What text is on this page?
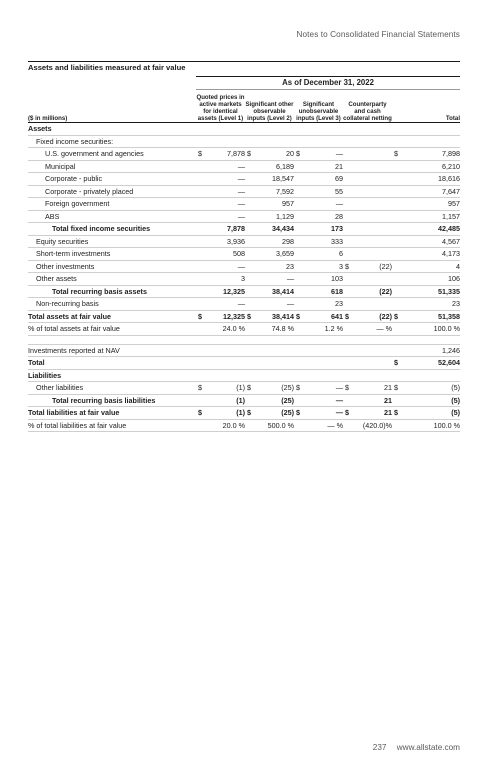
Notes to Consolidated Financial Statements
Assets and liabilities measured at fair value
	As of December 31, 2022									
($ in millions)	Quoted prices in active markets for identical assets (Level 1)		Significant other observable inputs (Level 2)		Significant unobservable inputs (Level 3)		Counterparty and cash collateral netting		Total	
Assets										
Fixed income securities:										
U.S. government and agencies	$	7,878	$	20	$	—			$	7,898
Municipal		—		6,189		21				6,210
Corporate - public		—		18,547		69				18,616
Corporate - privately placed		—		7,592		55				7,647
Foreign government		—		957		—				957
ABS		—		1,129		28				1,157
Total fixed income securities		7,878		34,434		173				42,485
Equity securities		3,936		298		333				4,567
Short-term investments		508		3,659		6				4,173
Other investments		—		23		3	$	(22)		4
Other assets		3		—		103				106
Total recurring basis assets		12,325		38,414		618		(22)		51,335
Non-recurring basis		—		—		23				23
Total assets at fair value	$	12,325	$	38,414	$	641	$	(22)	$	51,358
% of total assets at fair value		24.0 %		74.8 %		1.2 %		— %		100.0 %

Investments reported at NAV										1,246
Total									$	52,604
Liabilities										
Other liabilities	$	(1)	$	(25)	$	—	$	21	$	(5)
Total recurring basis liabilities		(1)		(25)		—		21		(5)
Total liabilities at fair value	$	(1)	$	(25)	$	—	$	21	$	(5)
% of total liabilities at fair value		20.0 %		500.0 %		— %		(420.0)%		100.0 %
237 www.allstate.com
